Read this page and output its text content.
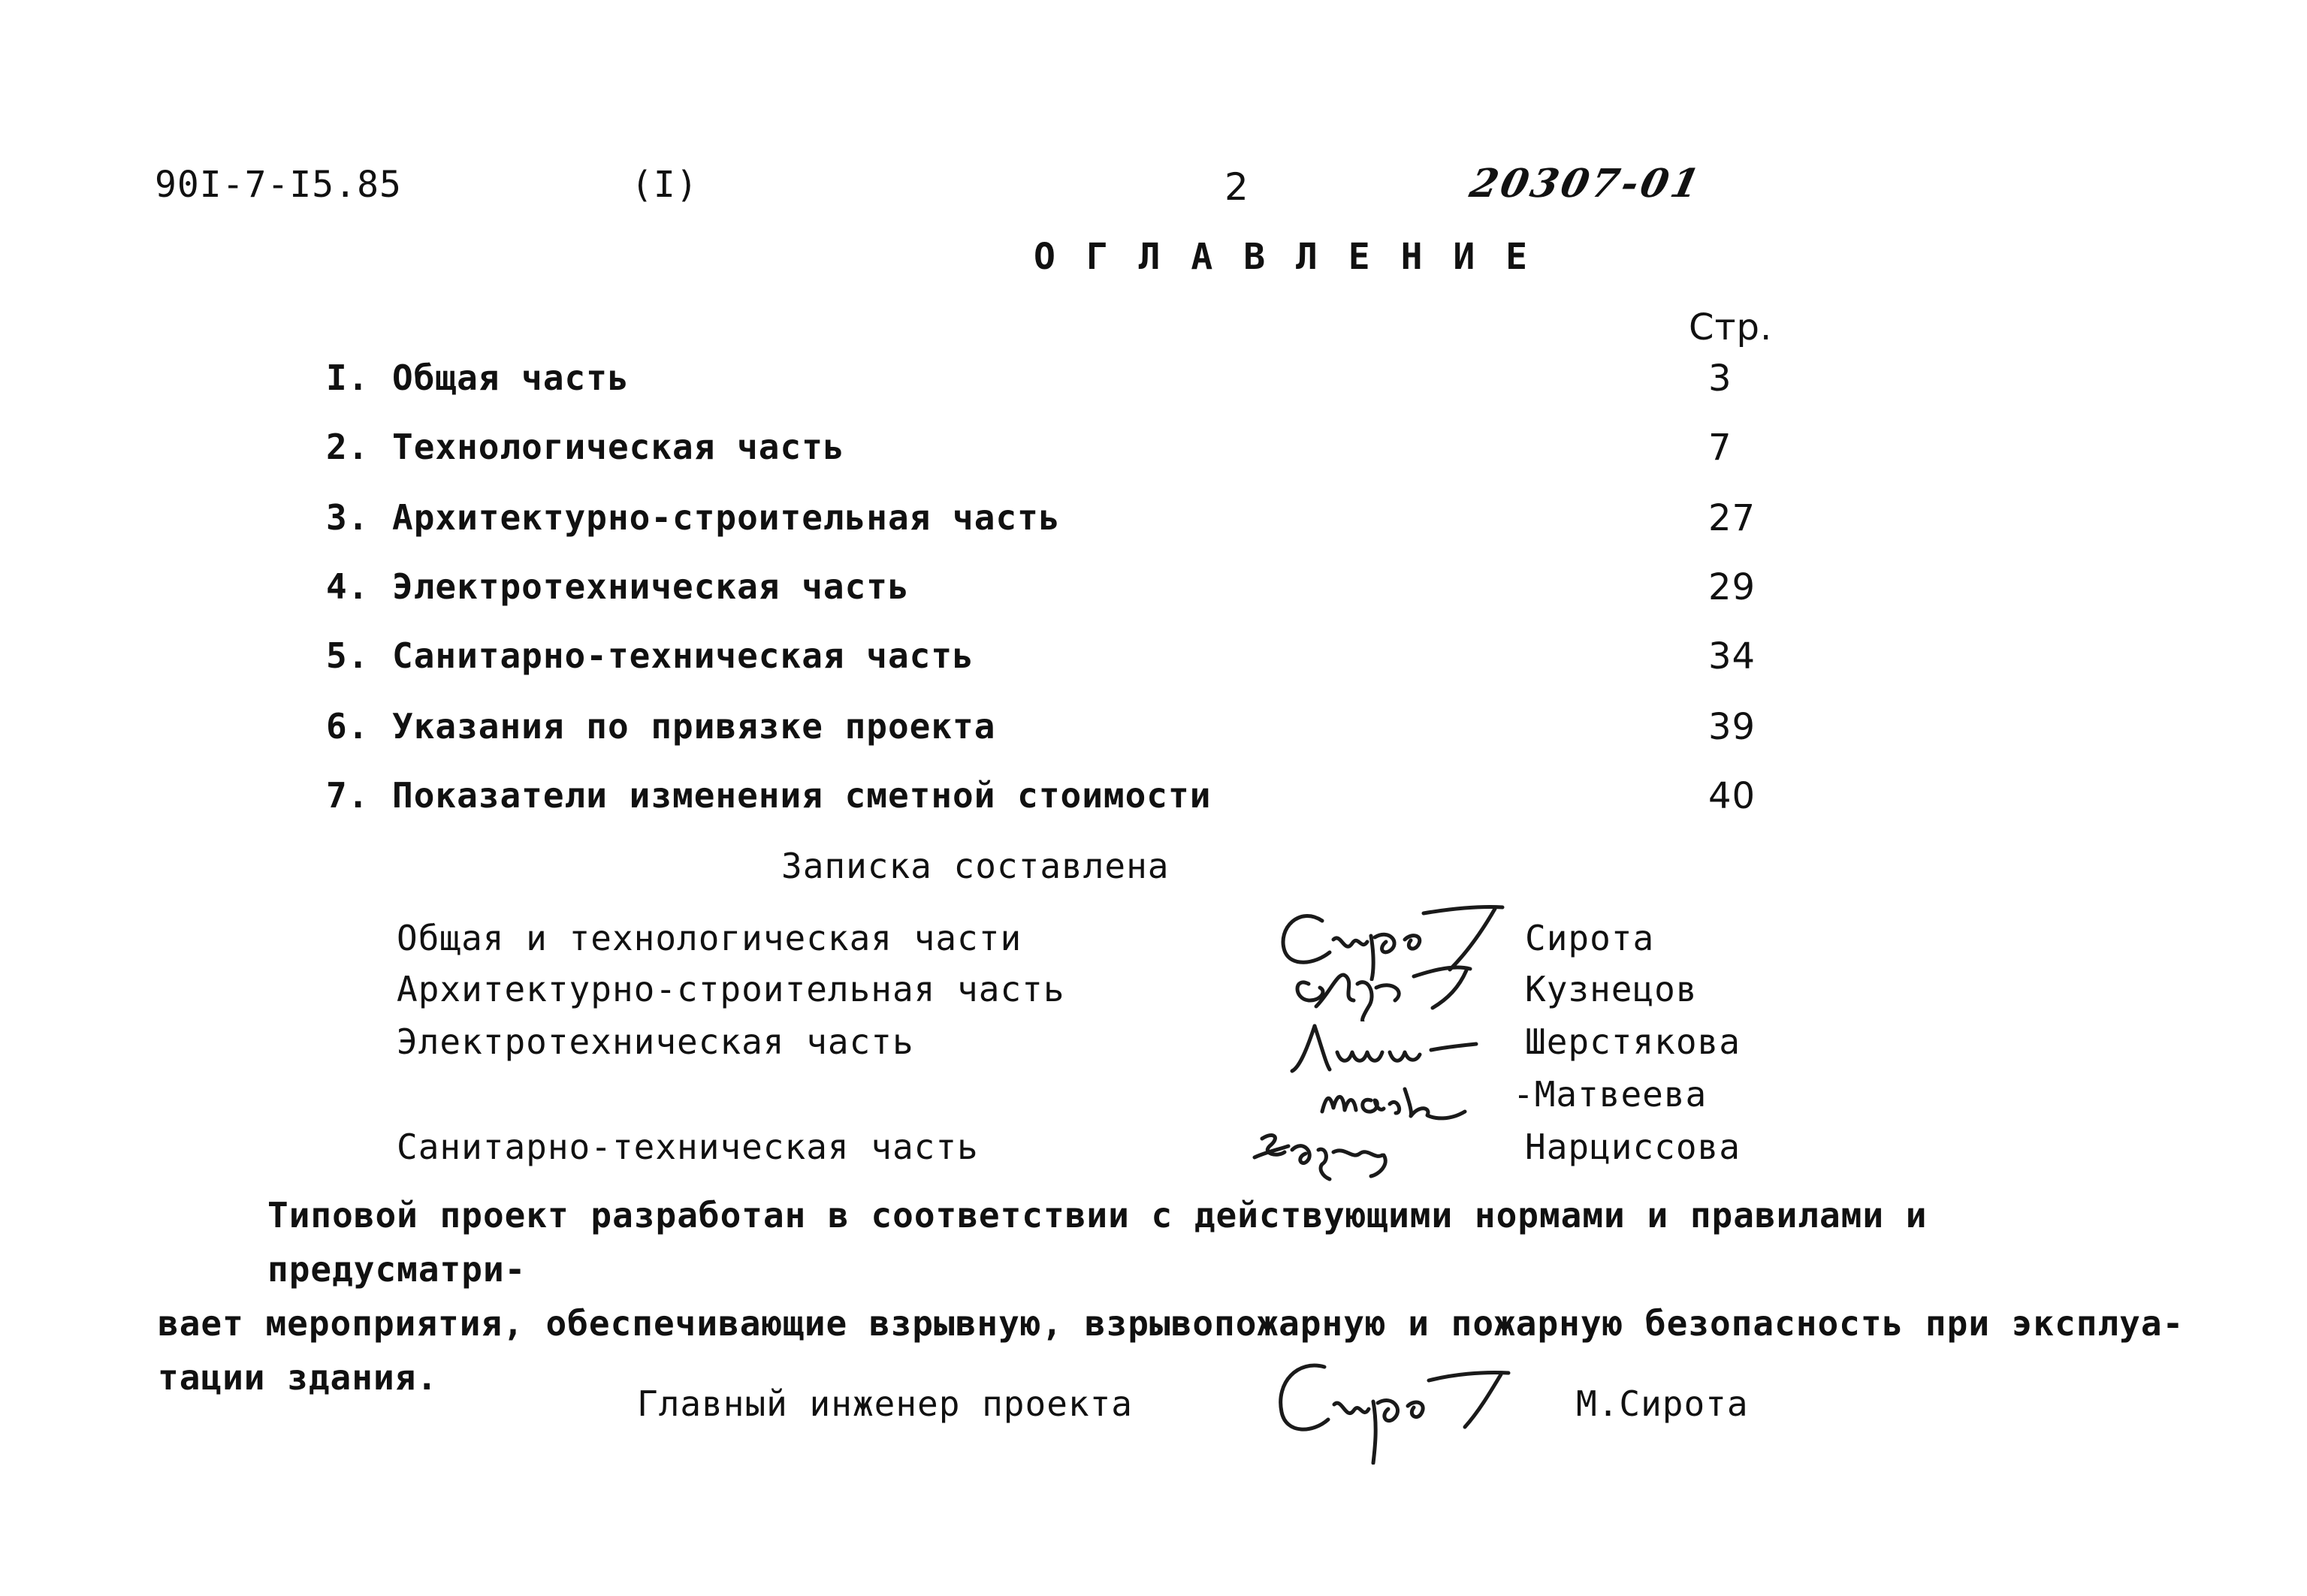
90I-7-I5.85	(I)	2	20307-01
О Г Л А В Л Е Н И Е
Стр.
I. Общая часть	3
2. Технологическая часть	7
3. Архитектурно-строительная часть	27
4. Электротехническая часть	29
5. Санитарно-техническая часть	34
6. Указания по привязке проекта	39
7. Показатели изменения сметной стоимости	40
Записка составлена
Общая и технологическая части	Сирота
Архитектурно-строительная часть	Кузнецов
Электротехническая часть	Шерстякова
-Матвеева
Санитарно-техническая часть	Нарциссова
Типовой проект разработан в соответствии с действующими нормами и правилами и предусматри-
вает мероприятия, обеспечивающие взрывную, взрывопожарную и пожарную безопасность при эксплуа-
тации здания.
Главный инженер проекта	М.Сирота
